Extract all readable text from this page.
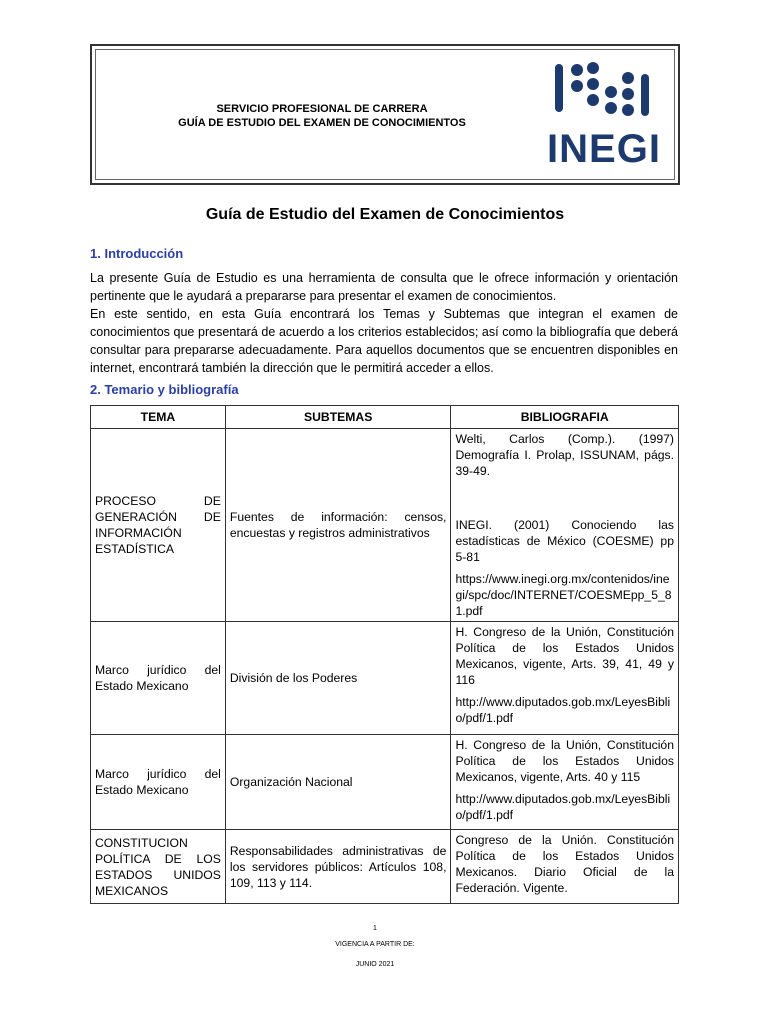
SERVICIO PROFESIONAL DE CARRERA
GUÍA DE ESTUDIO DEL EXAMEN DE CONOCIMIENTOS
INEGI
Guía de Estudio del Examen de Conocimientos
1. Introducción

La presente Guía de Estudio es una herramienta de consulta que le ofrece información y orientación pertinente que le ayudará a prepararse para presentar el examen de conocimientos.

En este sentido, en esta Guía encontrará los Temas y Subtemas que integran el examen de conocimientos que presentará de acuerdo a los criterios establecidos; así como la bibliografía que deberá consultar para prepararse adecuadamente. Para aquellos documentos que se encuentren disponibles en internet, encontrará también la dirección que le permitirá acceder a ellos.

2. Temario y bibliografía
TEMA	SUBTEMAS	BIBLIOGRAFIA
PROCESO DE GENERACIÓN DE INFORMACIÓN ESTADÍSTICA	Fuentes de información: censos, encuestas y registros administrativos	Welti, Carlos (Comp.). (1997) Demografía I. Prolap, ISSUNAM, págs. 39-49.

INEGI. (2001) Conociendo las estadísticas de México (COESME) pp 5-81

https://www.inegi.org.mx/contenidos/inegi/spc/doc/INTERNET/COESMEpp_5_81.pdf

Marco jurídico del Estado Mexicano	División de los Poderes	H. Congreso de la Unión, Constitución Política de los Estados Unidos Mexicanos, vigente, Arts. 39, 41, 49 y 116

http://www.diputados.gob.mx/LeyesBiblio/pdf/1.pdf

Marco jurídico del Estado Mexicano	Organización Nacional	H. Congreso de la Unión, Constitución Política de los Estados Unidos Mexicanos, vigente, Arts. 40 y 115

http://www.diputados.gob.mx/LeyesBiblio/pdf/1.pdf

CONSTITUCION POLÍTICA DE LOS ESTADOS UNIDOS MEXICANOS	Responsabilidades administrativas de los servidores públicos: Artículos 108, 109, 113 y 114.	Congreso de la Unión. Constitución Política de los Estados Unidos Mexicanos. Diario Oficial de la Federación. Vigente.

1

VIGENCIA A PARTIR DE:

JUNIO 2021
